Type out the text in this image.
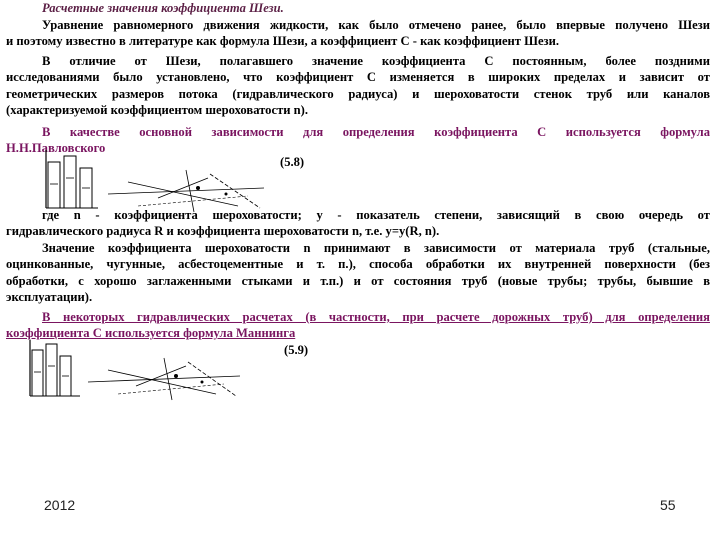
Расчетные значения коэффициента Шези.
Уравнение равномерного движения жидкости, как было отмечено ранее, было впервые получено Шези
и поэтому известно в литературе как формула Шези, а коэффициент С - как коэффициент Шези.
В отличие от Шези, полагавшего значение коэффициента С постоянным, более поздними
исследованиями было установлено, что коэффициент С изменяется в широких пределах и зависит от
геометрических размеров потока (гидравлического радиуса) и шероховатости стенок труб или каналов
(характеризуемой коэффициентом шероховатости n).
В качестве основной зависимости для определения коэффициента С используется формула
Н.Н.Павловского
(5.8)
где n - коэффициента шероховатости; y - показатель степени, зависящий в свою очередь от
гидравлического радиуса R и коэффициента шероховатости n, т.е. y=y(R, n).
Значение коэффициента шероховатости n принимают в зависимости от материала труб (стальные,
оцинкованные, чугунные, асбестоцементные и т. п.), способа обработки их внутренней поверхности (без
обработки, с хорошо заглаженными стыками и т.п.) и от состояния труб (новые трубы; трубы, бывшие в
эксплуатации).
В некоторых гидравлических расчетах (в частности, при расчете дорожных труб) для определения
коэффициента С используется формула Маннинга
(5.9)
2012	55
